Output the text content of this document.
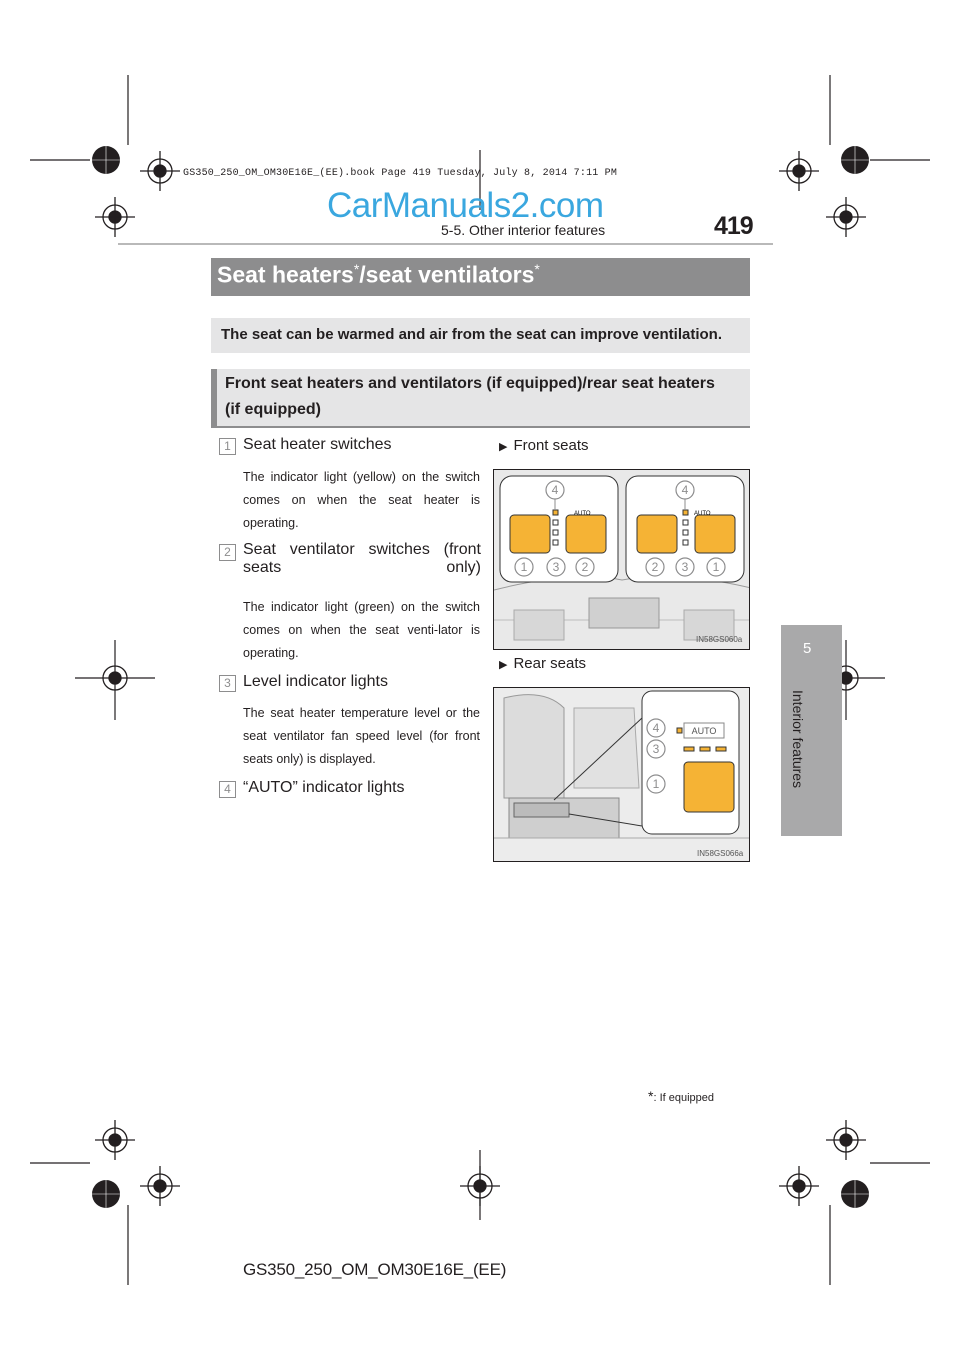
GS350_250_OM_OM30E16E_(EE).book Page 419 Tuesday, July 8, 2014 7:11 PM
CarManuals2.com
5-5. Other interior features	419
5
Interior features
Seat heaters*/seat ventilators*
The seat can be warmed and air from the seat can improve ventilation.
Front seat heaters and ventilators (if equipped)/rear seat heaters
(if equipped)
1 Seat heater switches
The indicator light (yellow) on the switch comes on when the seat heater is operating.
2 Seat ventilator switches (front seats only)
The indicator light (green) on the switch comes on when the seat venti-lator is operating.
3 Level indicator lights
The seat heater temperature level or the seat ventilator fan speed level (for front seats only) is displayed.
4 “AUTO” indicator lights
▶ Front seats
AUTO	AUTO
4
1 3 2
4
2 3 1
IN58GS060a
▶ Rear seats
AUTO
4
3
1
IN58GS066a
*: If equipped
GS350_250_OM_OM30E16E_(EE)
